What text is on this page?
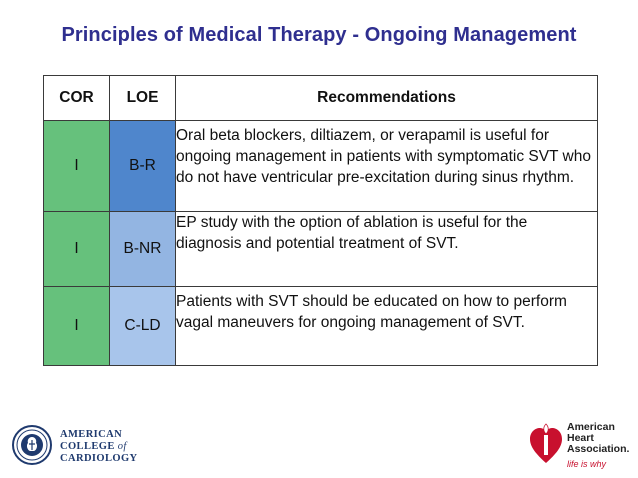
Principles of Medical Therapy - Ongoing Management
COR	LOE	Recommendations
I	B-R	Oral beta blockers, diltiazem, or verapamil is useful for ongoing management in patients with symptomatic SVT who do not have ventricular pre-excitation during sinus rhythm.
I	B-NR	EP study with the option of ablation is useful for the diagnosis and potential treatment of SVT.
I	C-LD	Patients with SVT should be educated on how to perform vagal maneuvers for ongoing management of SVT.
AMERICAN
COLLEGE of
CARDIOLOGY
American
Heart
Association.
life is why
